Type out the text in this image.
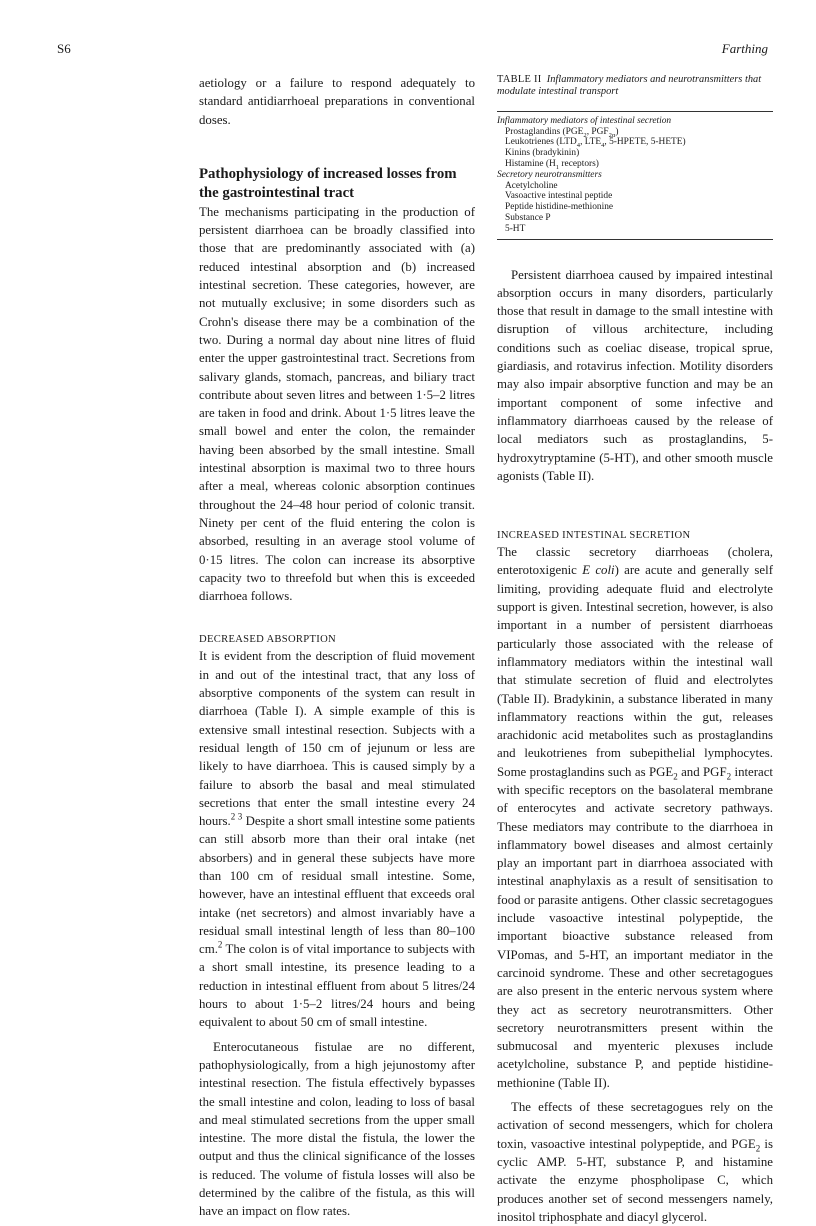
S6	Farthing

aetiology or a failure to respond adequately to standard antidiarrhoeal preparations in conventional doses.

Pathophysiology of increased losses from the gastrointestinal tract

The mechanisms participating in the production of persistent diarrhoea can be broadly classified into those that are predominantly associated with (a) reduced intestinal absorption and (b) increased intestinal secretion. These categories, however, are not mutually exclusive; in some disorders such as Crohn's disease there may be a combination of the two. During a normal day about nine litres of fluid enter the upper gastrointestinal tract. Secretions from salivary glands, stomach, pancreas, and biliary tract contribute about seven litres and between 1·5–2 litres are taken in food and drink. About 1·5 litres leave the small bowel and enter the colon, the remainder having been absorbed by the small intestine. Small intestinal absorption is maximal two to three hours after a meal, whereas colonic absorption continues throughout the 24–48 hour period of colonic transit. Ninety per cent of the fluid entering the colon is absorbed, resulting in an average stool volume of 0·15 litres. The colon can increase its absorptive capacity two to threefold but when this is exceeded diarrhoea follows.

DECREASED ABSORPTION

It is evident from the description of fluid movement in and out of the intestinal tract, that any loss of absorptive components of the system can result in diarrhoea (Table I). A simple example of this is extensive small intestinal resection. Subjects with a residual length of 150 cm of jejunum or less are likely to have diarrhoea. This is caused simply by a failure to absorb the basal and meal stimulated secretions that enter the small intestine every 24 hours.$^{2 3}$ Despite a short small intestine some patients can still absorb more than their oral intake (net absorbers) and in general these subjects have more than 100 cm of residual small intestine. Some, however, have an intestinal effluent that exceeds oral intake (net secretors) and almost invariably have a residual small intestinal length of less than 80–100 cm.$^2$ The colon is of vital importance to subjects with a short small intestine, its presence leading to a reduction in intestinal effluent from about 5 litres/24 hours to about 1·5–2 litres/24 hours and being equivalent to about 50 cm of small intestine.

Enterocutaneous fistulae are no different, pathophysiologically, from a high jejunostomy after intestinal resection. The fistula effectively bypasses the small intestine and colon, leading to loss of basal and meal stimulated secretions from the upper small intestine. The more distal the fistula, the lower the output and thus the clinical significance of the losses is reduced. The volume of fistula losses will also be determined by the calibre of the fistula, as this will have an impact on flow rates.

TABLE II Inflammatory mediators and neurotransmitters that modulate intestinal transport
Inflammatory mediators of intestinal secretion
Prostaglandins ($PGE_2$, $PGF_{2\alpha}$)
Leukotrienes ($LTD_4$, $LTE_4$, 5-HPETE, 5-HETE)
Kinins (bradykinin)
Histamine ($H_1$ receptors)
Secretory neurotransmitters
Acetylcholine
Vasoactive intestinal peptide
Peptide histidine-methionine
Substance P
5-HT

Persistent diarrhoea caused by impaired intestinal absorption occurs in many disorders, particularly those that result in damage to the small intestine with disruption of villous architecture, including conditions such as coeliac disease, tropical sprue, giardiasis, and rotavirus infection. Motility disorders may also impair absorptive function and may be an important component of some infective and inflammatory diarrhoeas caused by the release of local mediators such as prostaglandins, 5-hydroxytryptamine (5-HT), and other smooth muscle agonists (Table II).

INCREASED INTESTINAL SECRETION

The classic secretory diarrhoeas (cholera, enterotoxigenic E coli) are acute and generally self limiting, providing adequate fluid and electrolyte support is given. Intestinal secretion, however, is also important in a number of persistent diarrhoeas particularly those associated with the release of inflammatory mediators within the intestinal wall that stimulate secretion of fluid and electrolytes (Table II). Bradykinin, a substance liberated in many inflammatory reactions within the gut, releases arachidonic acid metabolites such as prostaglandins and leukotrienes from subepithelial lymphocytes. Some prostaglandins such as $PGE_2$ and $PGF_2$ interact with specific receptors on the basolateral membrane of enterocytes and activate secretory pathways. These mediators may contribute to the diarrhoea in inflammatory bowel diseases and almost certainly play an important part in diarrhoea associated with intestinal anaphylaxis as a result of sensitisation to food or parasite antigens. Other classic secretagogues include vasoactive intestinal polypeptide, the important bioactive substance released from VIPomas, and 5-HT, an important mediator in the carcinoid syndrome. These and other secretagogues are also present in the enteric nervous system where they act as secretory neurotransmitters. Other secretory neurotransmitters present within the submucosal and myenteric plexuses include acetylcholine, substance P, and peptide histidine-methionine (Table II).

The effects of these secretagogues rely on the activation of second messengers, which for cholera toxin, vasoactive intestinal polypeptide, and $PGE_2$ is cyclic AMP. 5-HT, substance P, and histamine activate the enzyme phospholipase C, which produces another set of second messengers namely, inositol triphosphate and diacyl glycerol.
